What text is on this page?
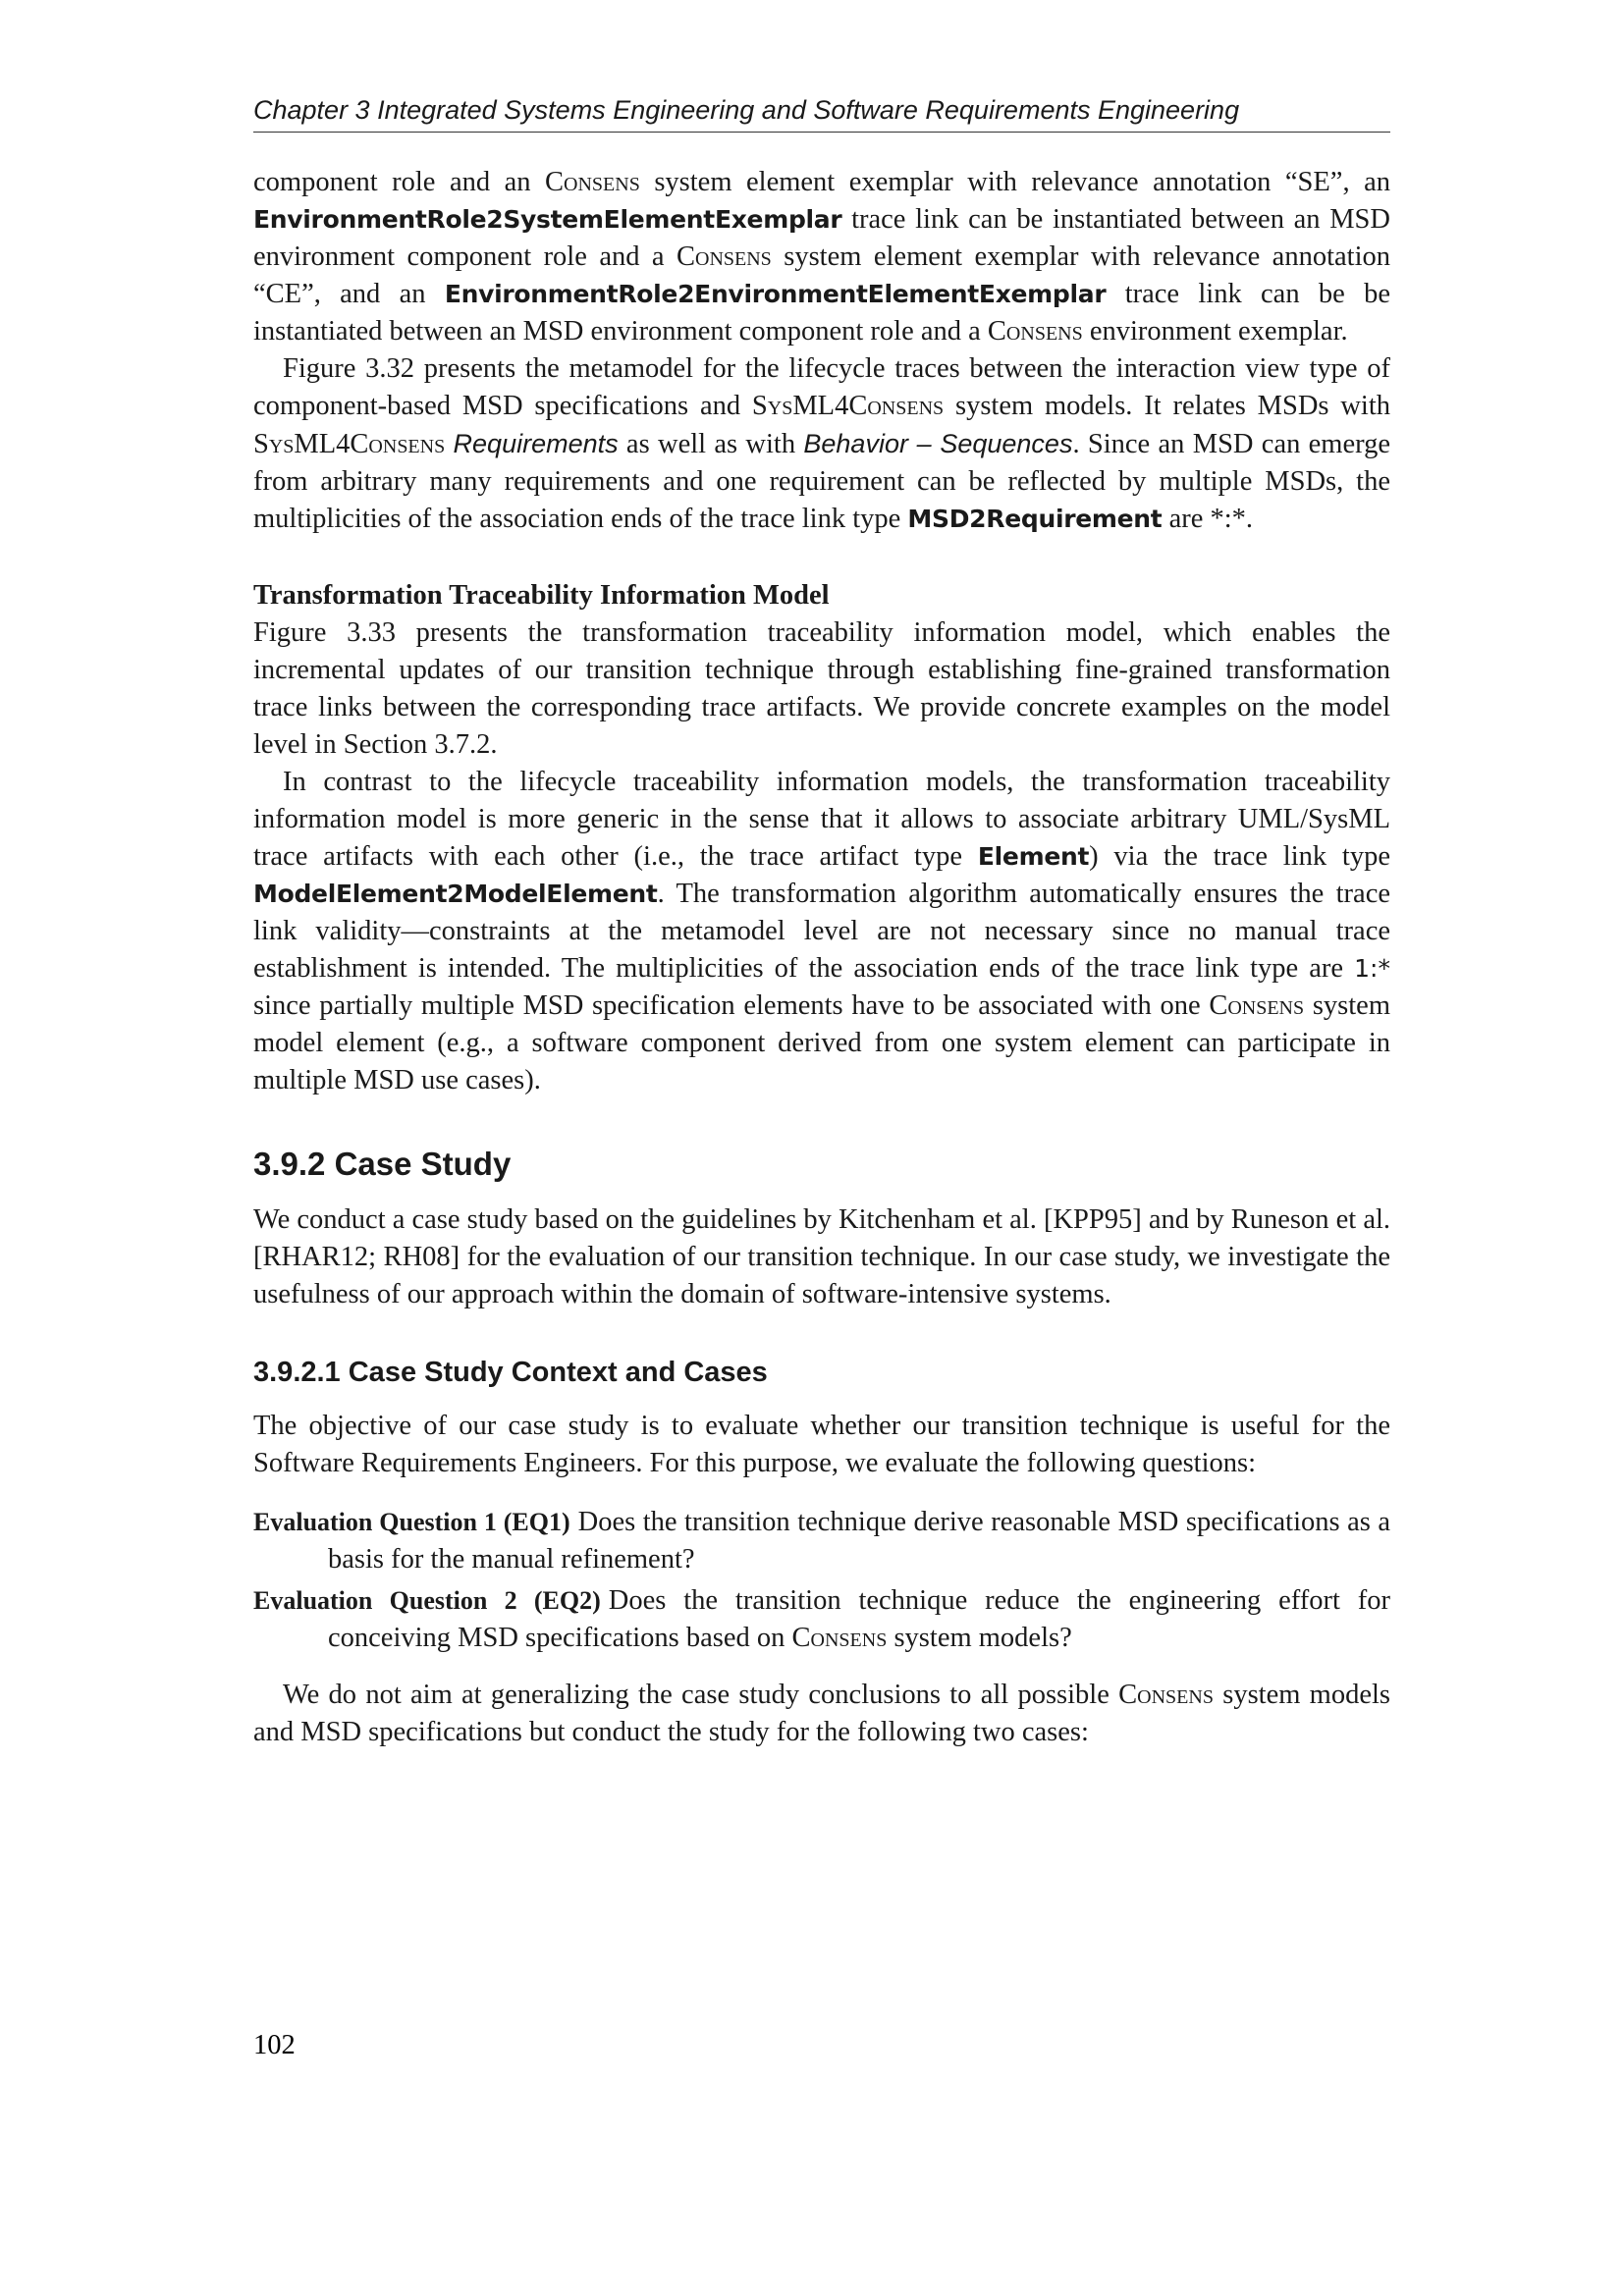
Chapter 3 Integrated Systems Engineering and Software Requirements Engineering

component role and an Consens system element exemplar with relevance annotation “SE”, an EnvironmentRole2SystemElementExemplar trace link can be instantiated between an MSD environment component role and a Consens system element exemplar with relevance annotation “CE”, and an EnvironmentRole2EnvironmentElementExemplar trace link can be be instantiated between an MSD environment component role and a Consens environment exemplar.

Figure 3.32 presents the metamodel for the lifecycle traces between the interaction view type of component-based MSD specifications and SysML4Consens system models. It relates MSDs with SysML4Consens Requirements as well as with Behavior – Sequences. Since an MSD can emerge from arbitrary many requirements and one requirement can be reflected by multiple MSDs, the multiplicities of the association ends of the trace link type MSD2Requirement are *:*.

Transformation Traceability Information Model

Figure 3.33 presents the transformation traceability information model, which enables the incremental updates of our transition technique through establishing fine-grained transformation trace links between the corresponding trace artifacts. We provide concrete examples on the model level in Section 3.7.2.

In contrast to the lifecycle traceability information models, the transformation traceability information model is more generic in the sense that it allows to associate arbitrary UML/SysML trace artifacts with each other (i.e., the trace artifact type Element) via the trace link type ModelElement2ModelElement. The transformation algorithm automatically ensures the trace link validity—constraints at the metamodel level are not necessary since no manual trace establishment is intended. The multiplicities of the association ends of the trace link type are 1:* since partially multiple MSD specification elements have to be associated with one Consens system model element (e.g., a software component derived from one system element can participate in multiple MSD use cases).

3.9.2 Case Study

We conduct a case study based on the guidelines by Kitchenham et al. [KPP95] and by Runeson et al. [RHAR12; RH08] for the evaluation of our transition technique. In our case study, we investigate the usefulness of our approach within the domain of software-intensive systems.

3.9.2.1 Case Study Context and Cases

The objective of our case study is to evaluate whether our transition technique is useful for the Software Requirements Engineers. For this purpose, we evaluate the following questions:

Evaluation Question 1 (EQ1) Does the transition technique derive reasonable MSD specifications as a basis for the manual refinement?
Evaluation Question 2 (EQ2) Does the transition technique reduce the engineering effort for conceiving MSD specifications based on Consens system models?

We do not aim at generalizing the case study conclusions to all possible Consens system models and MSD specifications but conduct the study for the following two cases:

102
